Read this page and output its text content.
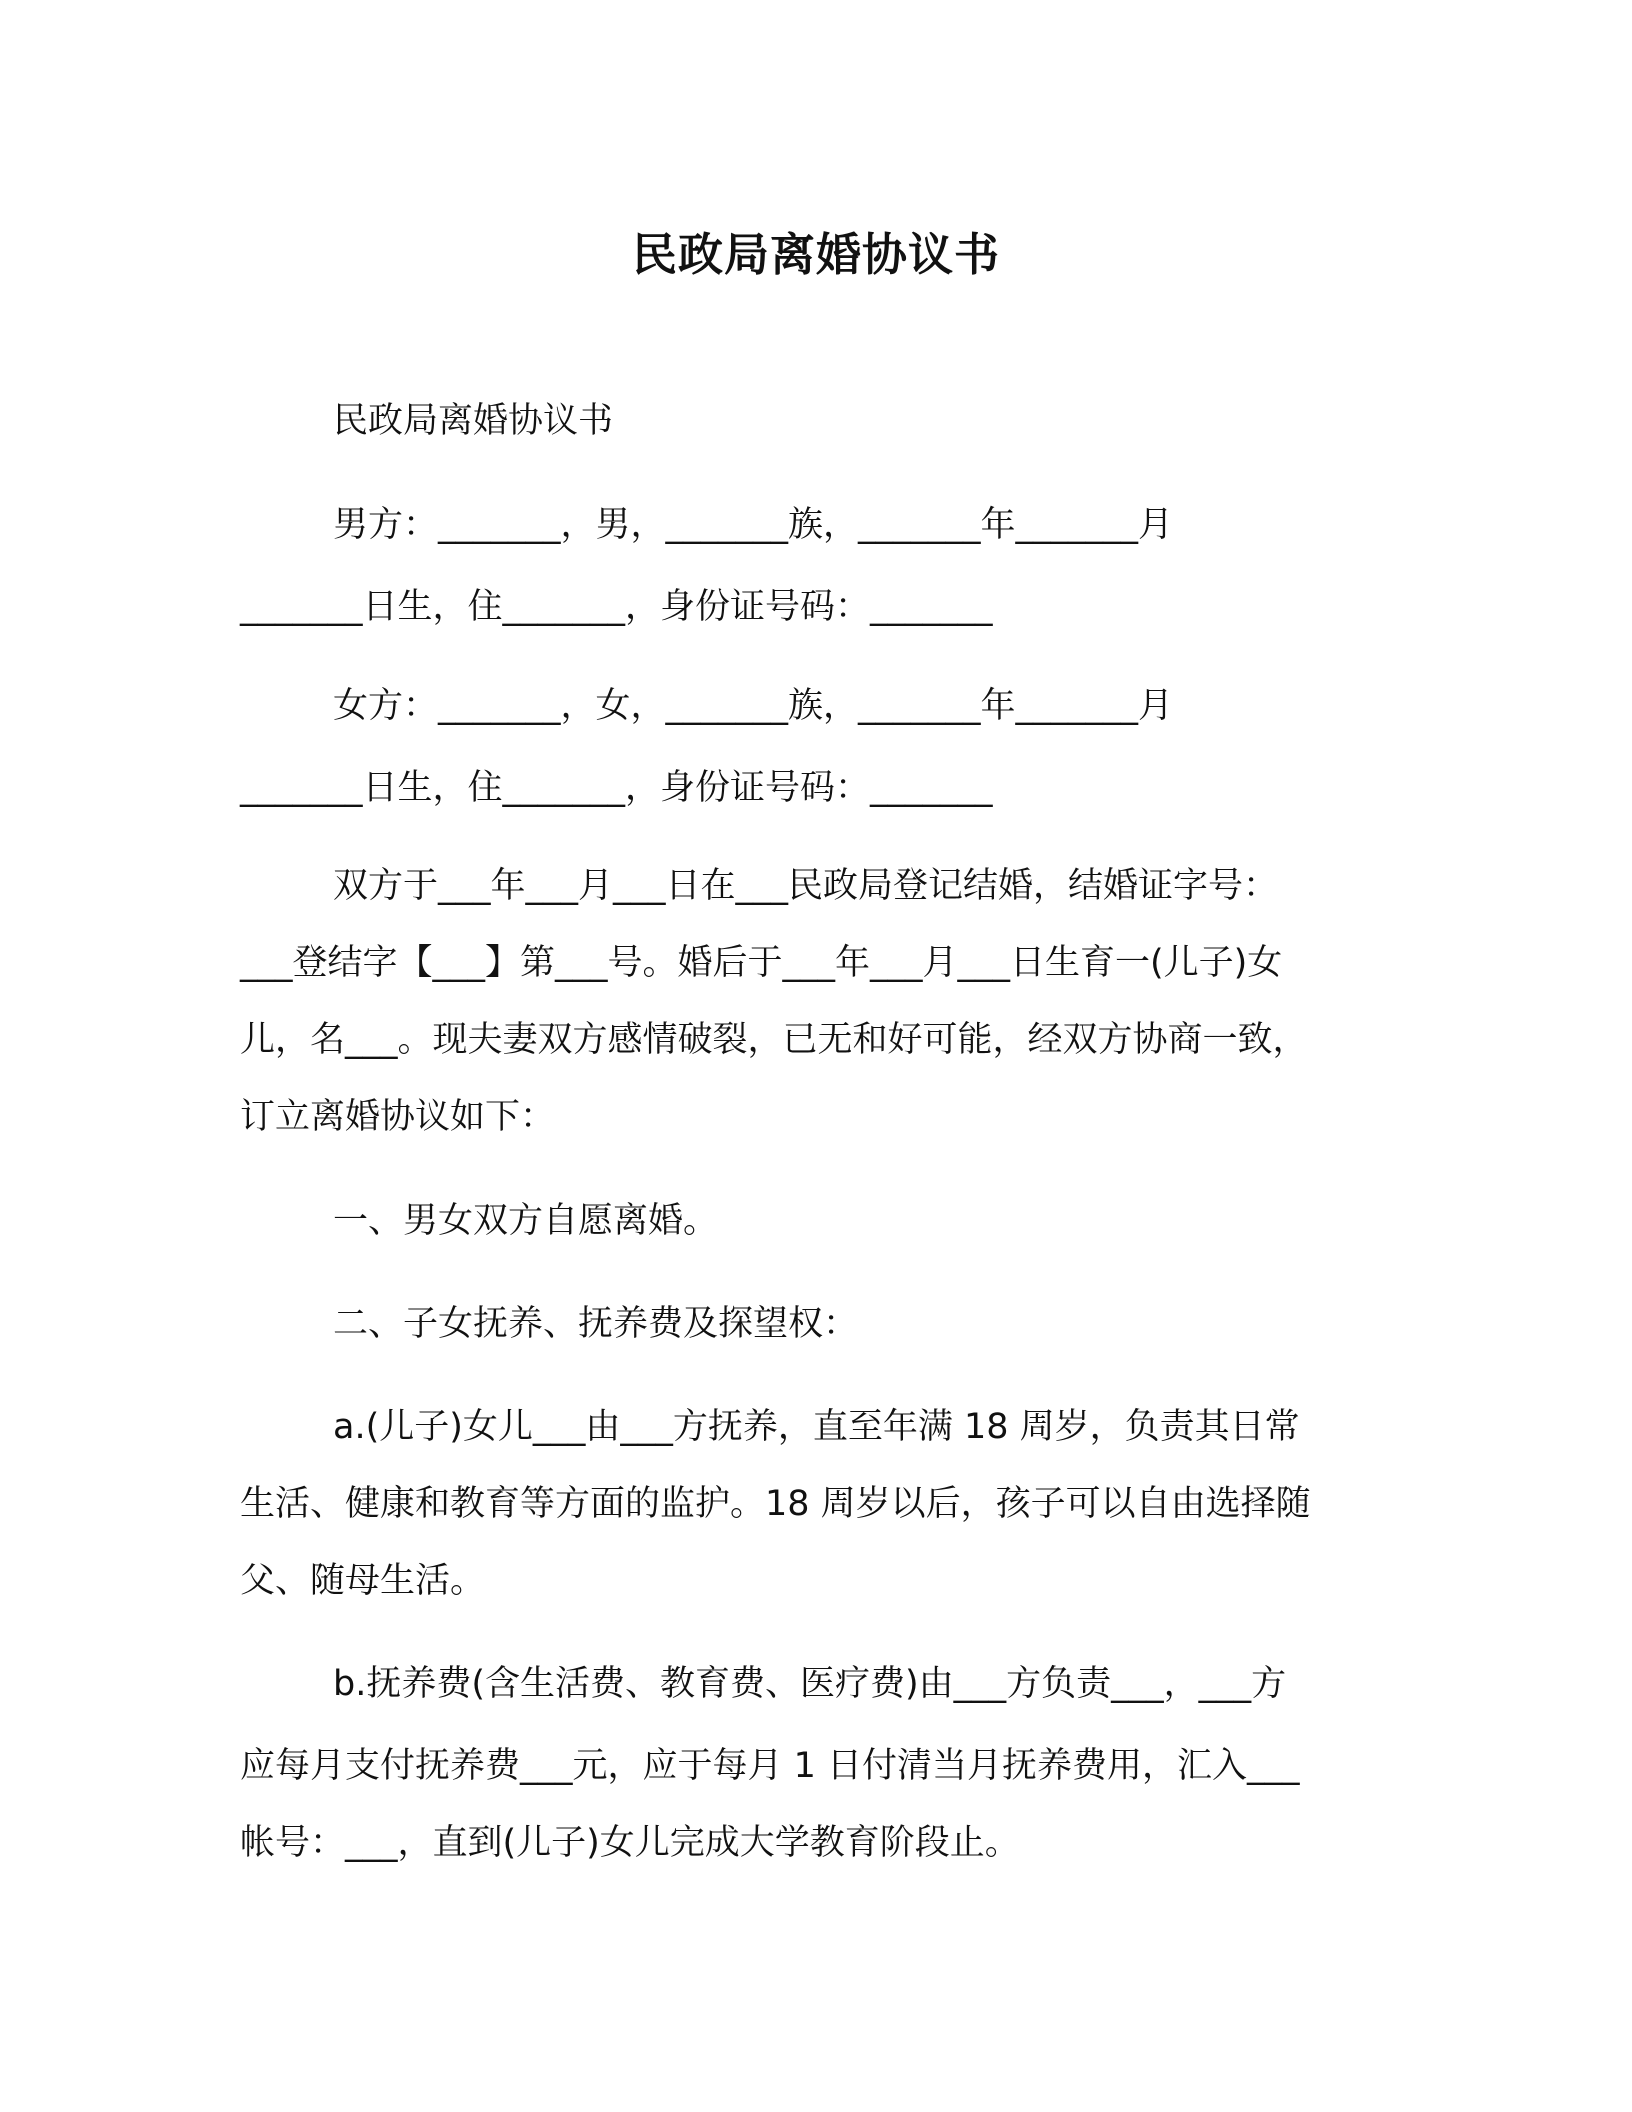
民政局离婚协议书
民政局离婚协议书
男方：_______，男，_______族，_______年_______月
_______日生，住_______，身份证号码：_______
女方：_______，女，_______族，_______年_______月
_______日生，住_______，身份证号码：_______
双方于___年___月___日在___民政局登记结婚，结婚证字号：
___登结字【___】第___号。婚后于___年___月___日生育一(儿子)女
儿，名___。现夫妻双方感情破裂，已无和好可能，经双方协商一致，
订立离婚协议如下：
一、男女双方自愿离婚。
二、子女抚养、抚养费及探望权：
a.(儿子)女儿___由___方抚养，直至年满 18 周岁，负责其日常
生活、健康和教育等方面的监护。18 周岁以后，孩子可以自由选择随
父、随母生活。
b.抚养费(含生活费、教育费、医疗费)由___方负责___，___方
应每月支付抚养费___元，应于每月 1 日付清当月抚养费用，汇入___
帐号：___，直到(儿子)女儿完成大学教育阶段止。
